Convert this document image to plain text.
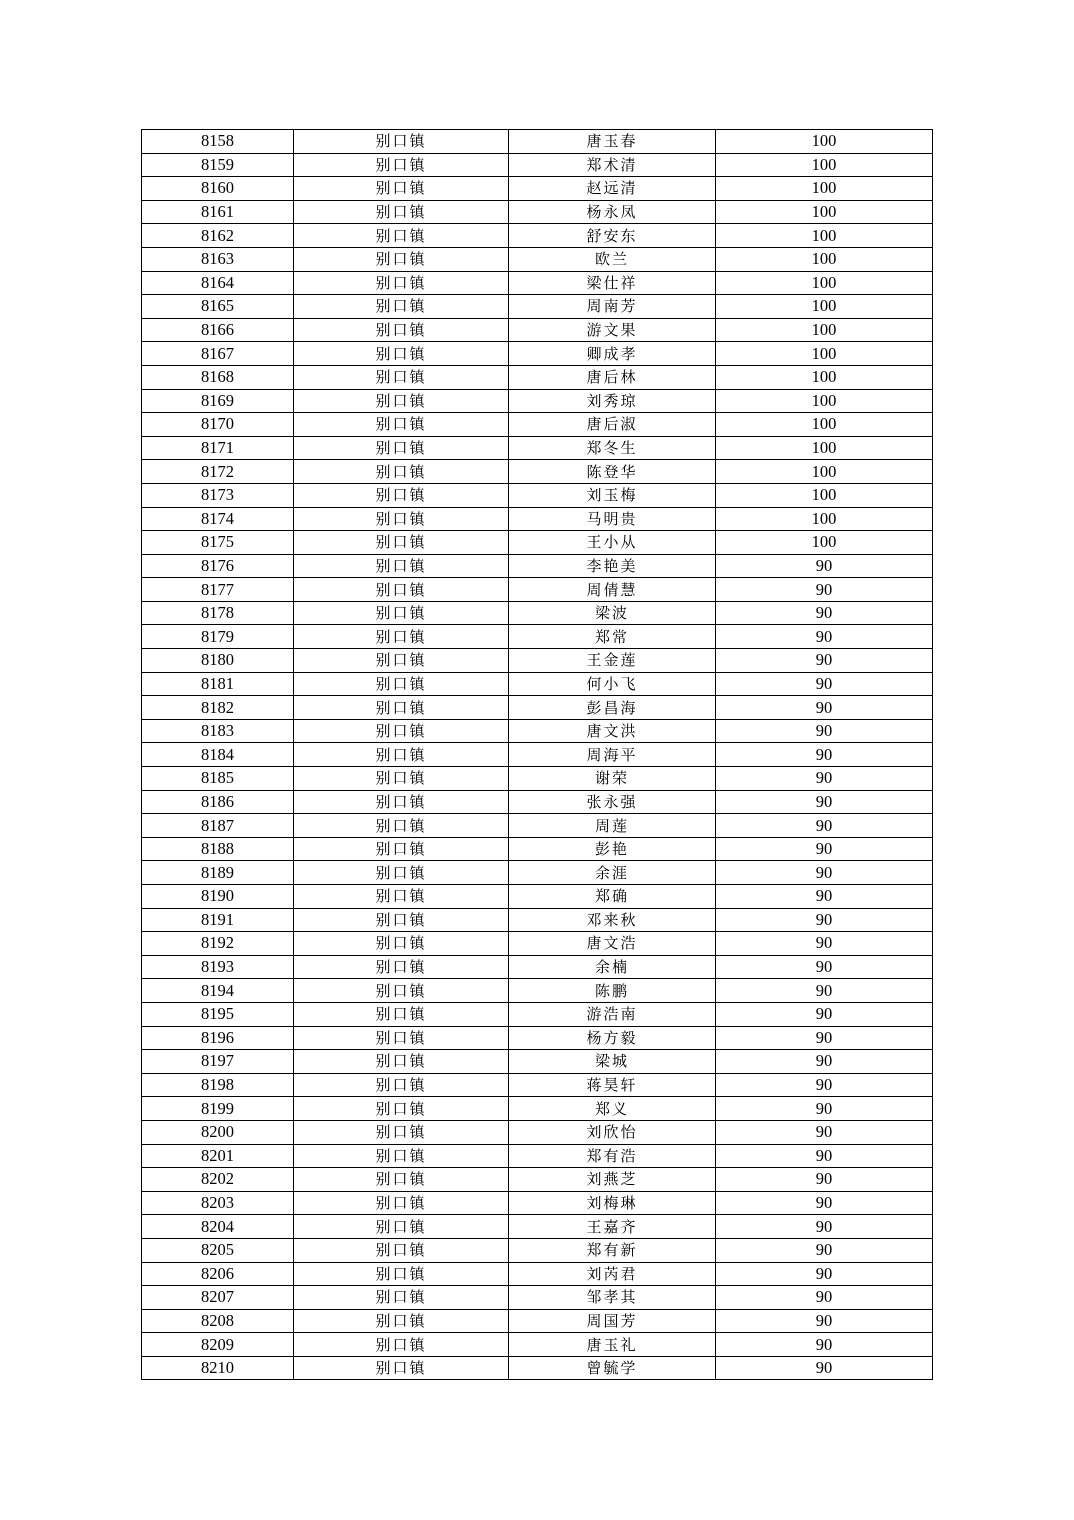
8158	别口镇	唐玉春	100
8159	别口镇	郑术清	100
8160	别口镇	赵远清	100
8161	别口镇	杨永凤	100
8162	别口镇	舒安东	100
8163	别口镇	欧兰	100
8164	别口镇	梁仕祥	100
8165	别口镇	周南芳	100
8166	别口镇	游文果	100
8167	别口镇	卿成孝	100
8168	别口镇	唐后林	100
8169	别口镇	刘秀琼	100
8170	别口镇	唐后淑	100
8171	别口镇	郑冬生	100
8172	别口镇	陈登华	100
8173	别口镇	刘玉梅	100
8174	别口镇	马明贵	100
8175	别口镇	王小从	100
8176	别口镇	李艳美	90
8177	别口镇	周倩慧	90
8178	别口镇	梁波	90
8179	别口镇	郑常	90
8180	别口镇	王金莲	90
8181	别口镇	何小飞	90
8182	别口镇	彭昌海	90
8183	别口镇	唐文洪	90
8184	别口镇	周海平	90
8185	别口镇	谢荣	90
8186	别口镇	张永强	90
8187	别口镇	周莲	90
8188	别口镇	彭艳	90
8189	别口镇	余涯	90
8190	别口镇	郑确	90
8191	别口镇	邓来秋	90
8192	别口镇	唐文浩	90
8193	别口镇	余楠	90
8194	别口镇	陈鹏	90
8195	别口镇	游浩南	90
8196	别口镇	杨方毅	90
8197	别口镇	梁城	90
8198	别口镇	蒋昊轩	90
8199	别口镇	郑义	90
8200	别口镇	刘欣怡	90
8201	别口镇	郑有浩	90
8202	别口镇	刘燕芝	90
8203	别口镇	刘梅琳	90
8204	别口镇	王嘉齐	90
8205	别口镇	郑有新	90
8206	别口镇	刘芮君	90
8207	别口镇	邹孝其	90
8208	别口镇	周国芳	90
8209	别口镇	唐玉礼	90
8210	别口镇	曾毓学	90
